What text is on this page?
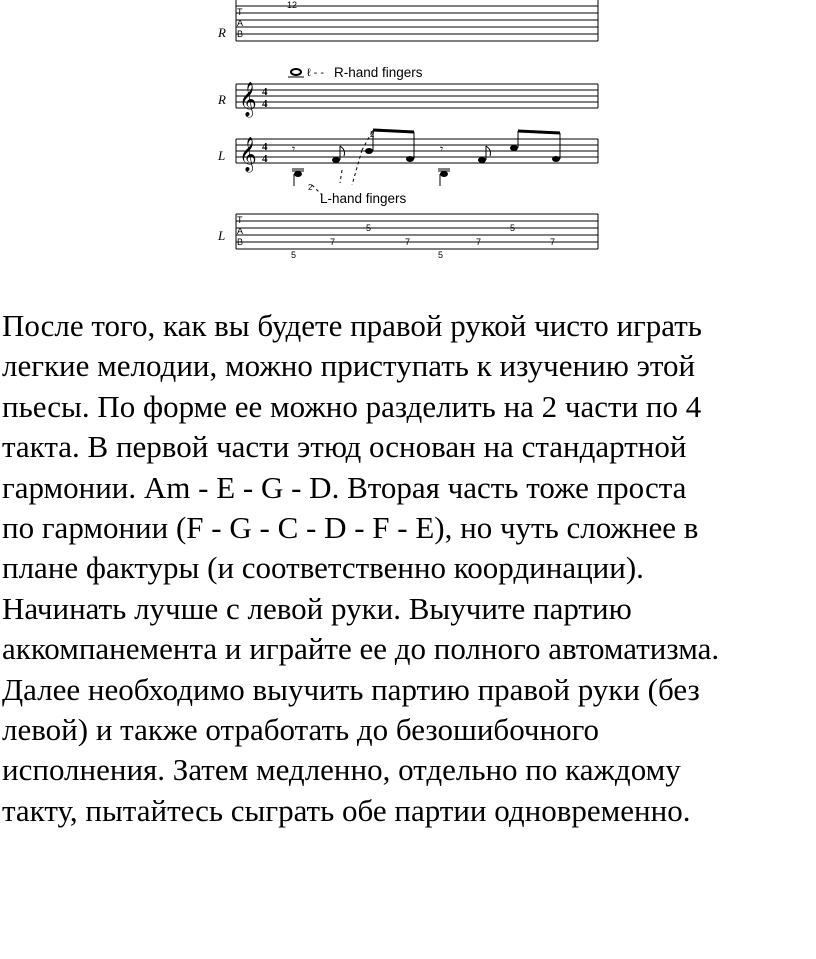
R
T
A
B
12
R 𝄞 4
4
ℓ - - R-hand fingers
L 𝄞 4
4
𝄾
2
𝄾
2
L-hand fingers
L
T
A
B
5
7
5
7
5
7
5
7
После того, как вы будете правой рукой чисто играть
легкие мелодии, можно приступать к изучению этой
пьесы. По форме ее можно разделить на 2 части по 4
такта. В первой части этюд основан на стандартной
гармонии. Am - E - G - D. Вторая часть тоже проста
по гармонии (F - G - C - D - F - E), но чуть сложнее в
плане фактуры (и соответственно координации).
Начинать лучше с левой руки. Выучите партию
аккомпанемента и играйте ее до полного автоматизма.
Далее необходимо выучить партию правой руки (без
левой) и также отработать до безошибочного
исполнения. Затем медленно, отдельно по каждому
такту, пытайтесь сыграть обе партии одновременно.
